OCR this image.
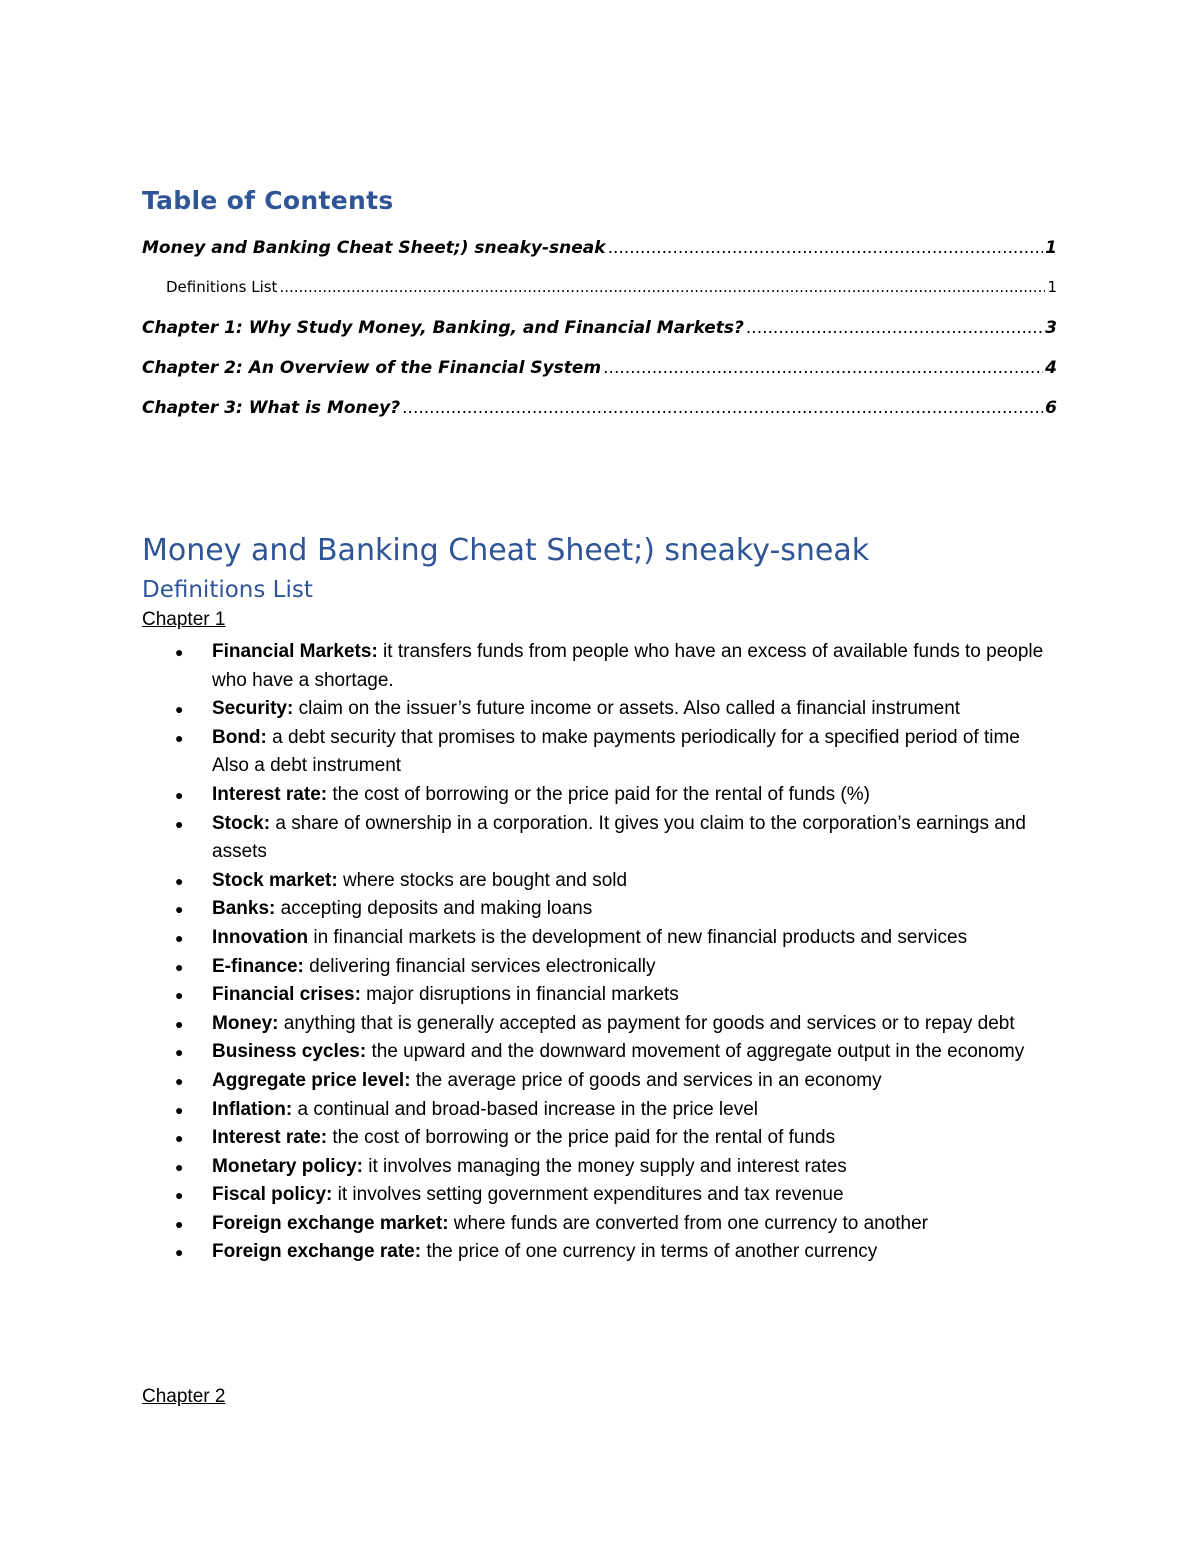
Table of Contents
Money and Banking Cheat Sheet;) sneaky-sneak .....	1
Definitions List .....	1
Chapter 1: Why Study Money, Banking, and Financial Markets? .....	3
Chapter 2: An Overview of the Financial System .....	4
Chapter 3: What is Money? .....	6
Money and Banking Cheat Sheet;) sneaky-sneak
Definitions List

Chapter 1

● Financial Markets: it transfers funds from people who have an excess of available funds to people who have a shortage.
● Security: claim on the issuer’s future income or assets. Also called a financial instrument
● Bond: a debt security that promises to make payments periodically for a specified period of time
Also a debt instrument
● Interest rate: the cost of borrowing or the price paid for the rental of funds (%)
● Stock: a share of ownership in a corporation. It gives you claim to the corporation’s earnings and assets
● Stock market: where stocks are bought and sold
● Banks: accepting deposits and making loans
● Innovation in financial markets is the development of new financial products and services
● E-finance: delivering financial services electronically
● Financial crises: major disruptions in financial markets
● Money: anything that is generally accepted as payment for goods and services or to repay debt
● Business cycles: the upward and the downward movement of aggregate output in the economy
● Aggregate price level: the average price of goods and services in an economy
● Inflation: a continual and broad-based increase in the price level
● Interest rate: the cost of borrowing or the price paid for the rental of funds
● Monetary policy: it involves managing the money supply and interest rates
● Fiscal policy: it involves setting government expenditures and tax revenue
● Foreign exchange market: where funds are converted from one currency to another
● Foreign exchange rate: the price of one currency in terms of another currency

Chapter 2
